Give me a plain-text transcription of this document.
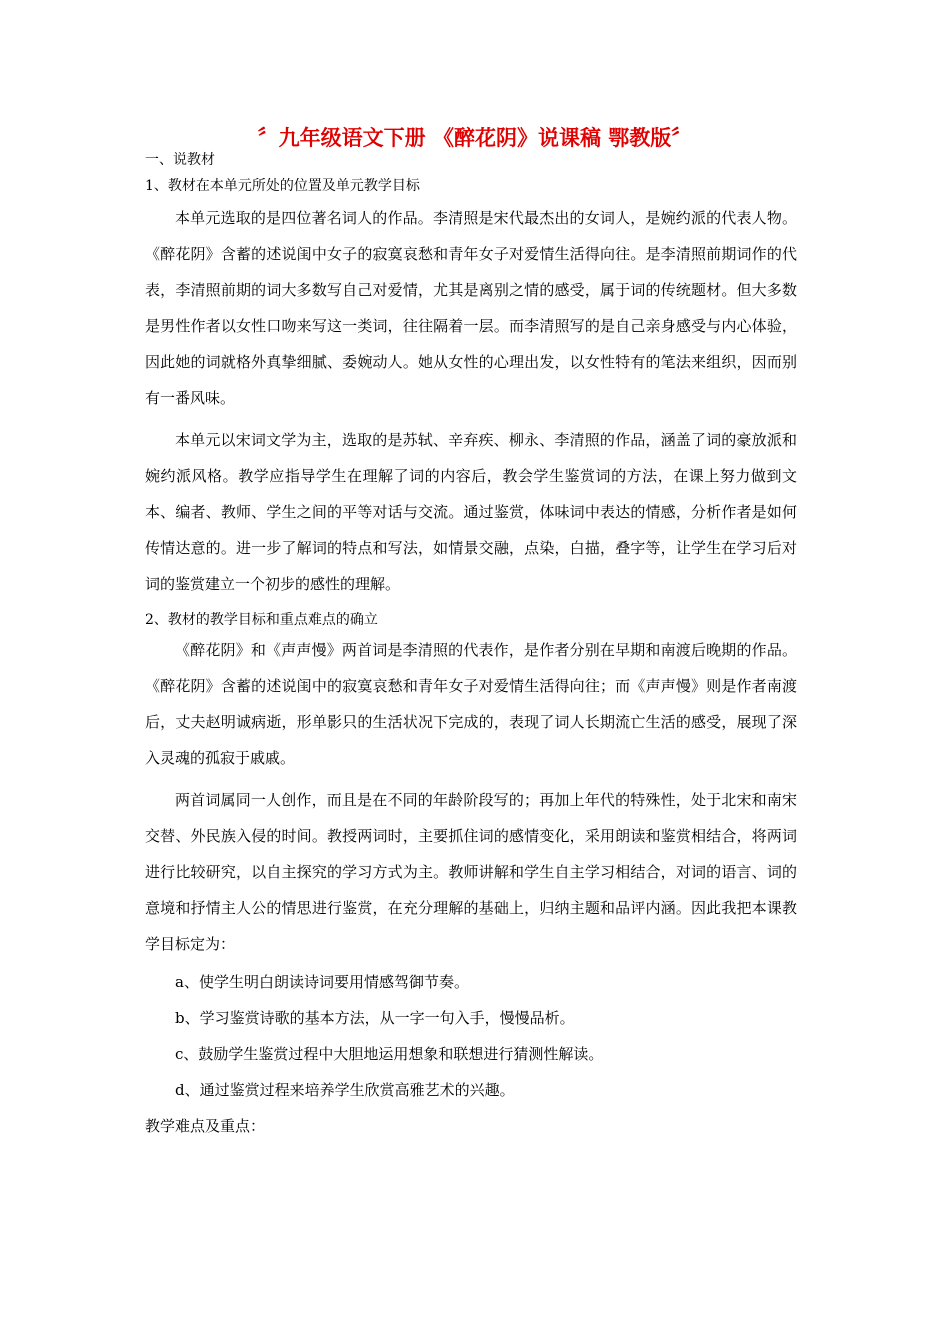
〞九年级语文下册 《醉花阴》说课稿 鄂教版〞

一、说教材

1、教材在本单元所处的位置及单元教学目标

本单元选取的是四位著名词人的作品。李清照是宋代最杰出的女词人，是婉约派的代表人物。《醉花阴》含蓄的述说闺中女子的寂寞哀愁和青年女子对爱情生活得向往。是李清照前期词作的代表，李清照前期的词大多数写自己对爱情，尤其是离别之情的感受，属于词的传统题材。但大多数是男性作者以女性口吻来写这一类词，往往隔着一层。而李清照写的是自己亲身感受与内心体验，因此她的词就格外真挚细腻、委婉动人。她从女性的心理出发，以女性特有的笔法来组织，因而别有一番风味。

本单元以宋词文学为主，选取的是苏轼、辛弃疾、柳永、李清照的作品，涵盖了词的豪放派和婉约派风格。教学应指导学生在理解了词的内容后，教会学生鉴赏词的方法，在课上努力做到文本、编者、教师、学生之间的平等对话与交流。通过鉴赏，体味词中表达的情感，分析作者是如何传情达意的。进一步了解词的特点和写法，如情景交融，点染，白描，叠字等，让学生在学习后对词的鉴赏建立一个初步的感性的理解。

2、教材的教学目标和重点难点的确立

《醉花阴》和《声声慢》两首词是李清照的代表作，是作者分别在早期和南渡后晚期的作品。《醉花阴》含蓄的述说闺中的寂寞哀愁和青年女子对爱情生活得向往；而《声声慢》则是作者南渡后，丈夫赵明诚病逝，形单影只的生活状况下完成的，表现了词人长期流亡生活的感受，展现了深入灵魂的孤寂于戚戚。

两首词属同一人创作，而且是在不同的年龄阶段写的；再加上年代的特殊性，处于北宋和南宋交替、外民族入侵的时间。教授两词时，主要抓住词的感情变化，采用朗读和鉴赏相结合，将两词进行比较研究，以自主探究的学习方式为主。教师讲解和学生自主学习相结合，对词的语言、词的意境和抒情主人公的情思进行鉴赏，在充分理解的基础上，归纳主题和品评内涵。因此我把本课教学目标定为：

a、使学生明白朗读诗词要用情感驾御节奏。

b、学习鉴赏诗歌的基本方法，从一字一句入手，慢慢品析。

c、鼓励学生鉴赏过程中大胆地运用想象和联想进行猜测性解读。

d、通过鉴赏过程来培养学生欣赏高雅艺术的兴趣。

教学难点及重点：
